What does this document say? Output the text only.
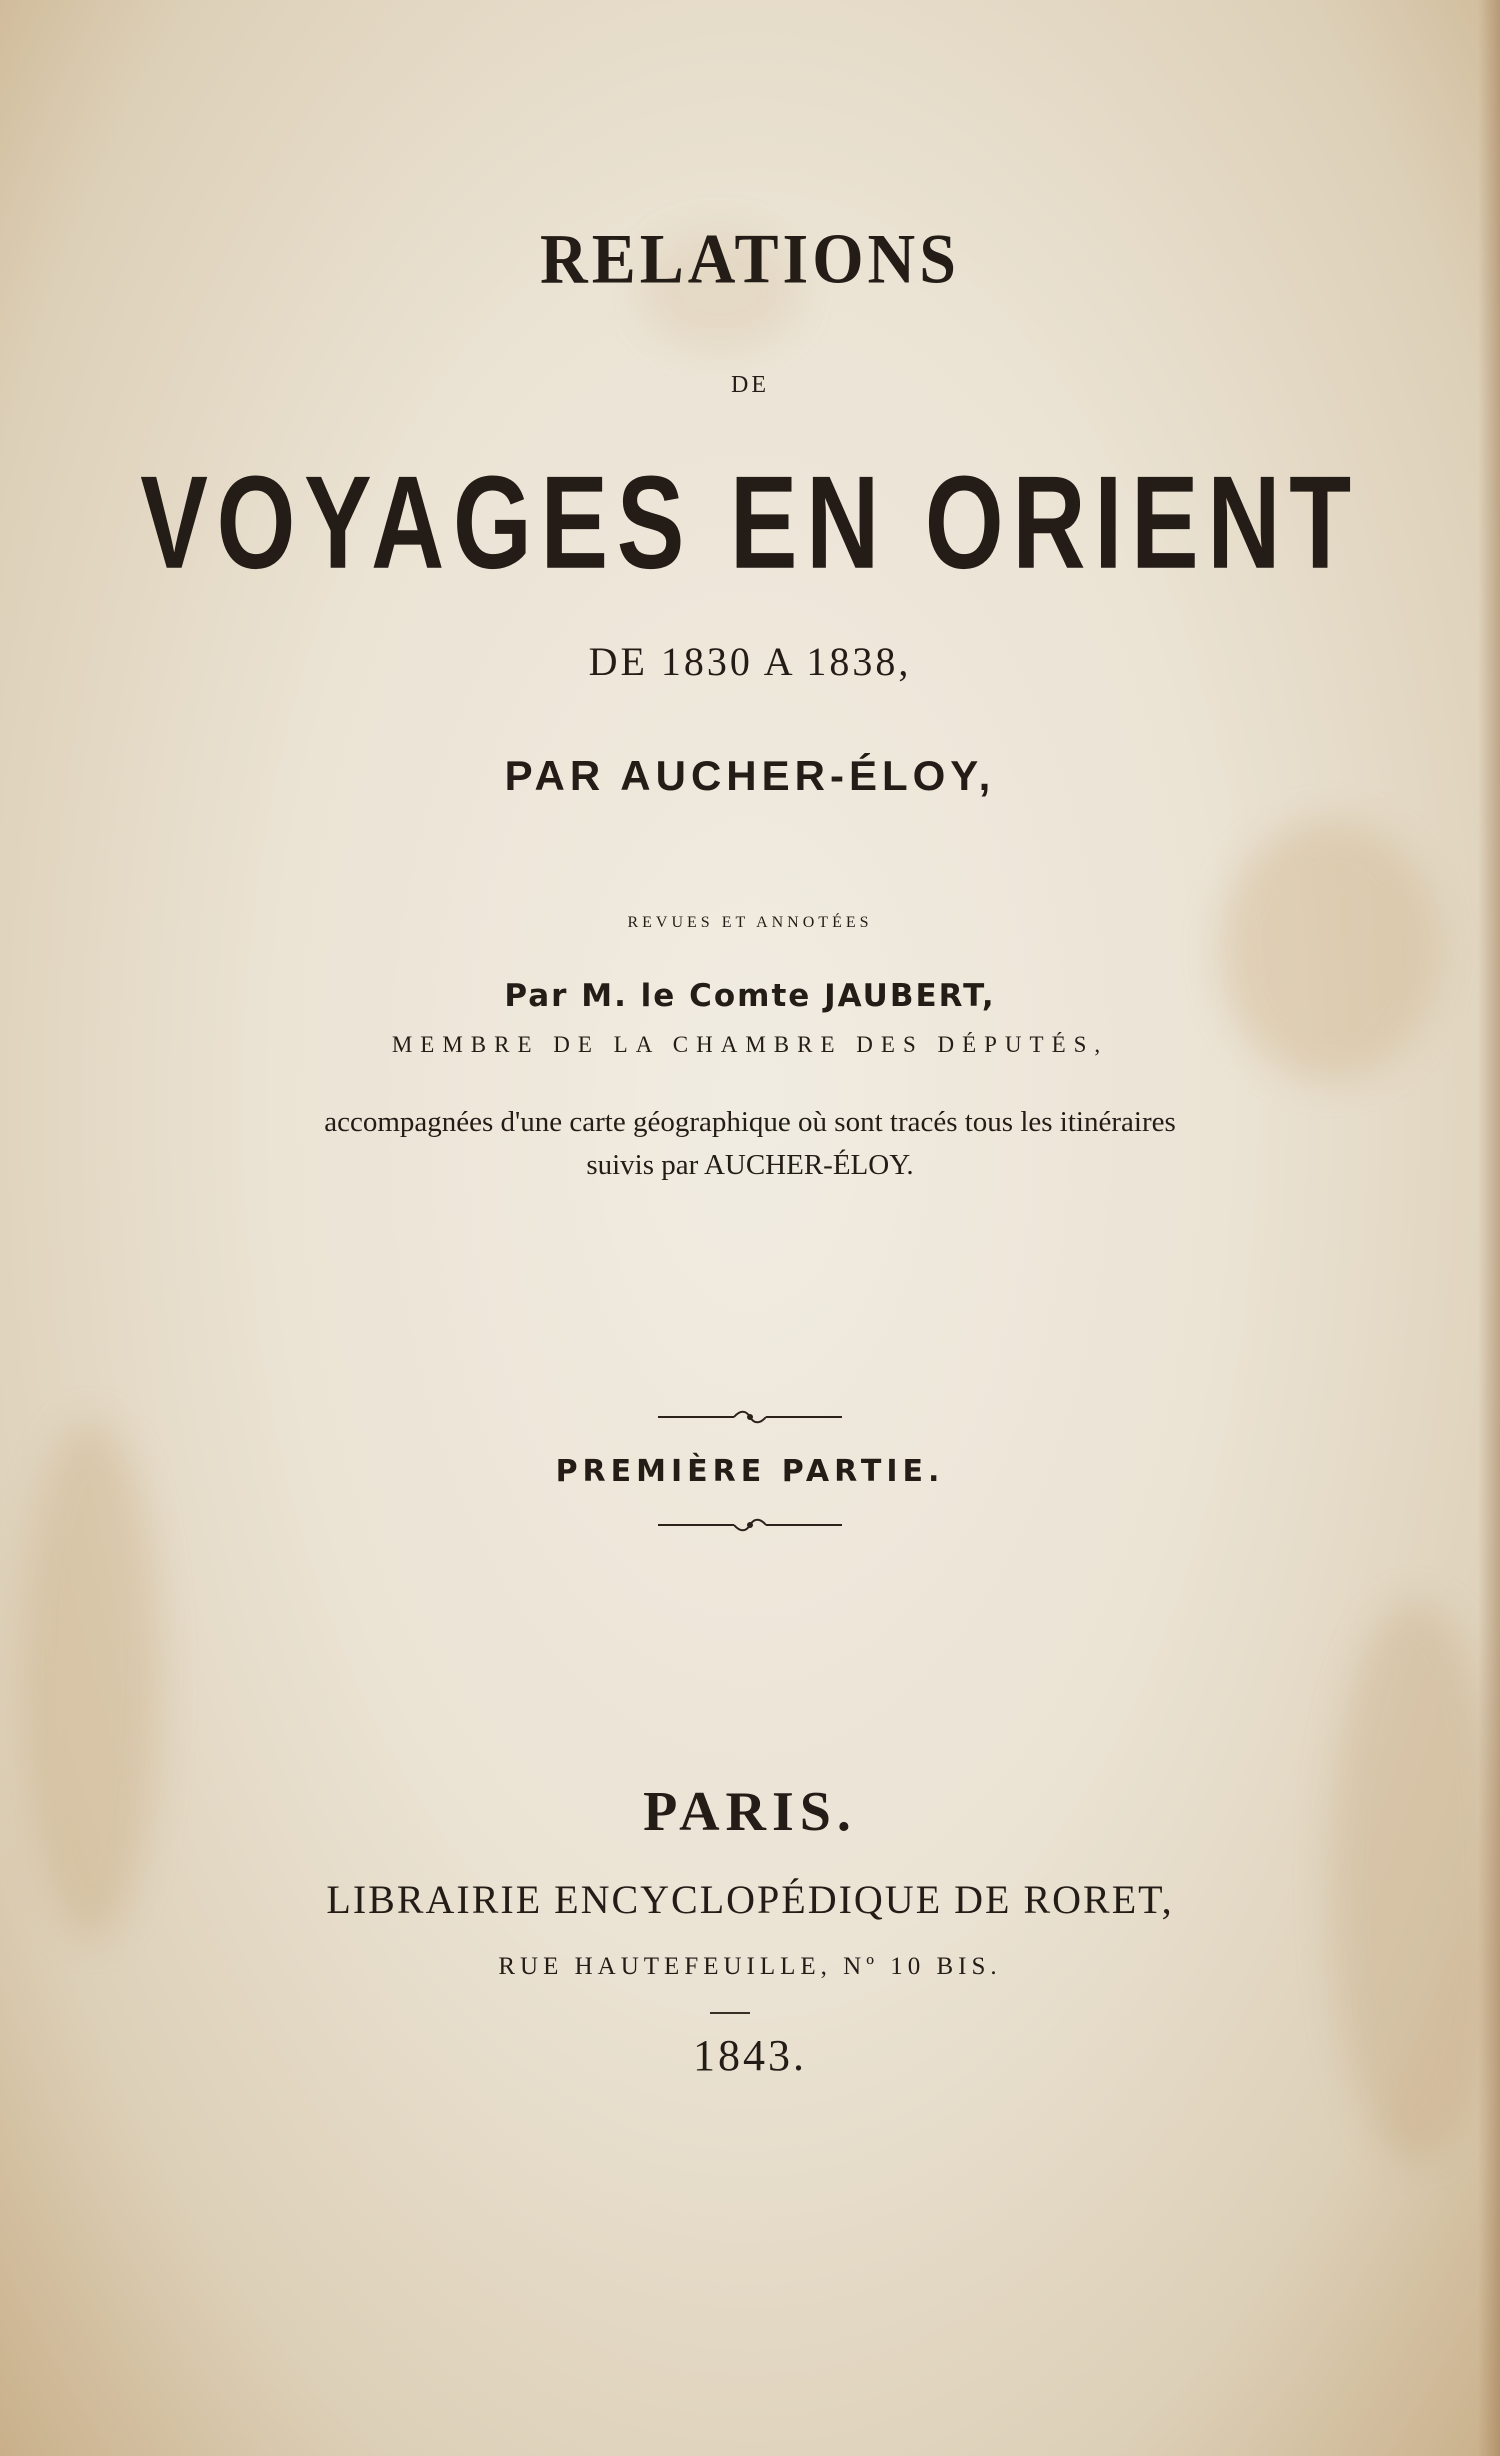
RELATIONS
DE
VOYAGES EN ORIENT
DE 1830 A 1838,
PAR AUCHER-ÉLOY,
REVUES ET ANNOTÉES
Par M. le Comte JAUBERT,
MEMBRE DE LA CHAMBRE DES DÉPUTÉS,
accompagnées d'une carte géographique où sont tracés tous les itinéraires
suivis par AUCHER-ÉLOY.
PREMIÈRE PARTIE.
PARIS.
LIBRAIRIE ENCYCLOPÉDIQUE DE RORET,
RUE HAUTEFEUILLE, Nº 10 BIS.
1843.
